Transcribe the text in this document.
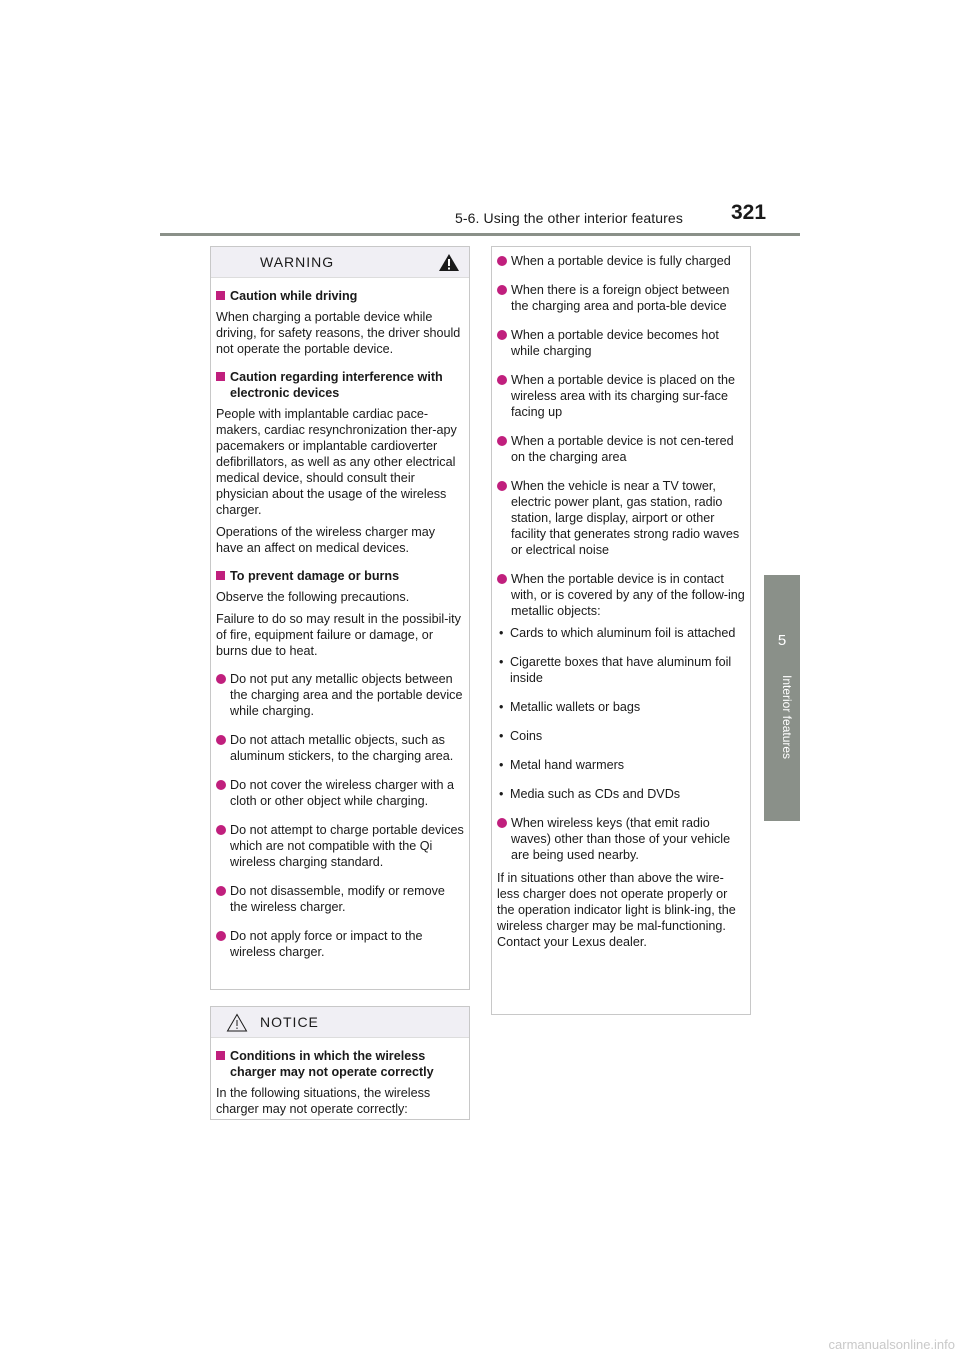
5-6. Using the other interior features 321
5
Interior features
WARNING
Caution while driving

When charging a portable device while driving, for safety reasons, the driver should not operate the portable device.

Caution regarding interference with electronic devices

People with implantable cardiac pace-makers, cardiac resynchronization ther-apy pacemakers or implantable cardioverter defibrillators, as well as any other electrical medical device, should consult their physician about the usage of the wireless charger.

Operations of the wireless charger may have an affect on medical devices.

To prevent damage or burns

Observe the following precautions.

Failure to do so may result in the possibil-ity of fire, equipment failure or damage, or burns due to heat.

Do not put any metallic objects between the charging area and the portable device while charging.
Do not attach metallic objects, such as aluminum stickers, to the charging area.
Do not cover the wireless charger with a cloth or other object while charging.
Do not attempt to charge portable devices which are not compatible with the Qi wireless charging standard.
Do not disassemble, modify or remove the wireless charger.
Do not apply force or impact to the wireless charger.
NOTICE
Conditions in which the wireless charger may not operate correctly

In the following situations, the wireless charger may not operate correctly:

When a portable device is fully charged
When there is a foreign object between the charging area and porta-ble device
When a portable device becomes hot while charging
When a portable device is placed on the wireless area with its charging sur-face facing up
When a portable device is not cen-tered on the charging area
When the vehicle is near a TV tower, electric power plant, gas station, radio station, large display, airport or other facility that generates strong radio waves or electrical noise
When the portable device is in contact with, or is covered by any of the follow-ing metallic objects:
• Cards to which aluminum foil is attached
• Cigarette boxes that have aluminum foil inside
• Metallic wallets or bags
• Coins
• Metal hand warmers
• Media such as CDs and DVDs
When wireless keys (that emit radio waves) other than those of your vehicle are being used nearby.

If in situations other than above the wire-less charger does not operate properly or the operation indicator light is blink-ing, the wireless charger may be mal-functioning. Contact your Lexus dealer.

carmanualsonline.info
